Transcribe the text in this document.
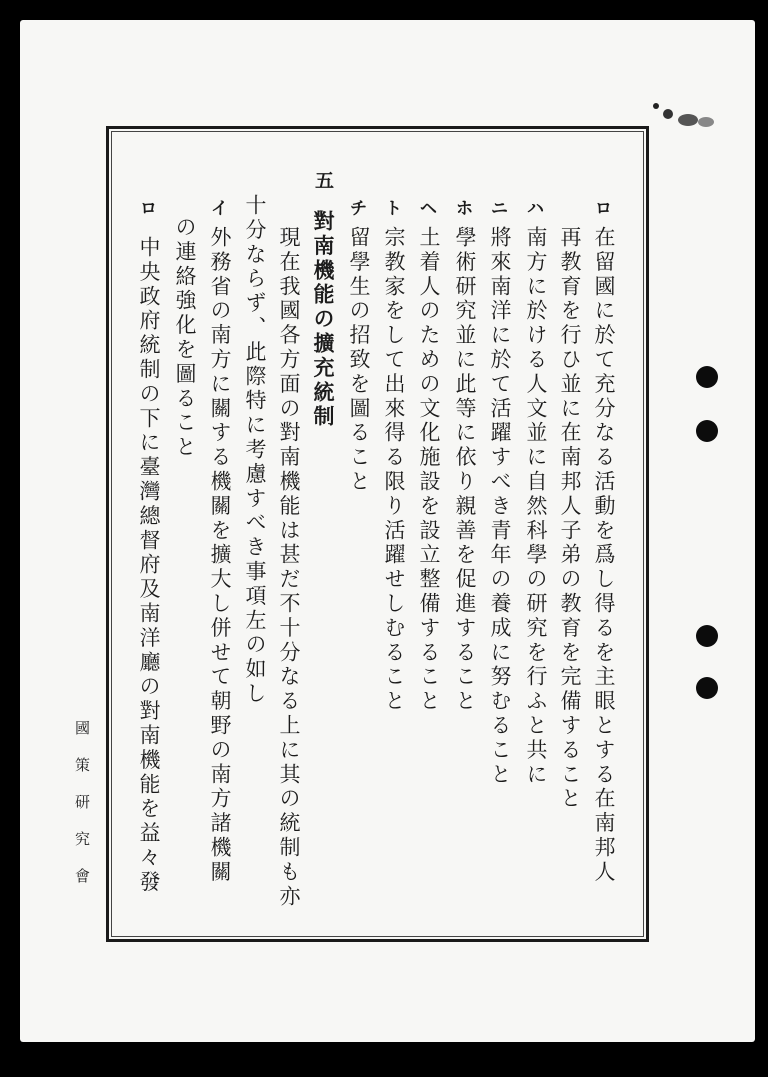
ロ
在留國に於て充分なる活動を爲し得るを主眼とする在南邦人
再教育を行ひ並に在南邦人子弟の教育を完備すること
ハ
南方に於ける人文並に自然科學の研究を行ふと共に
ニ
將來南洋に於て活躍すべき青年の養成に努むること
ホ
學術研究並に此等に依り親善を促進すること
ヘ
土着人のための文化施設を設立整備すること
ト
宗教家をして出來得る限り活躍せしむること
チ
留學生の招致を圖ること
五
對南機能の擴充統制
現在我國各方面の對南機能は甚だ不十分なる上に其の統制も亦
十分ならず、此際特に考慮すべき事項左の如し
イ
外務省の南方に關する機關を擴大し併せて朝野の南方諸機關
の連絡強化を圖ること
ロ
中央政府統制の下に臺灣總督府及南洋廳の對南機能を益々發
國策研究會
